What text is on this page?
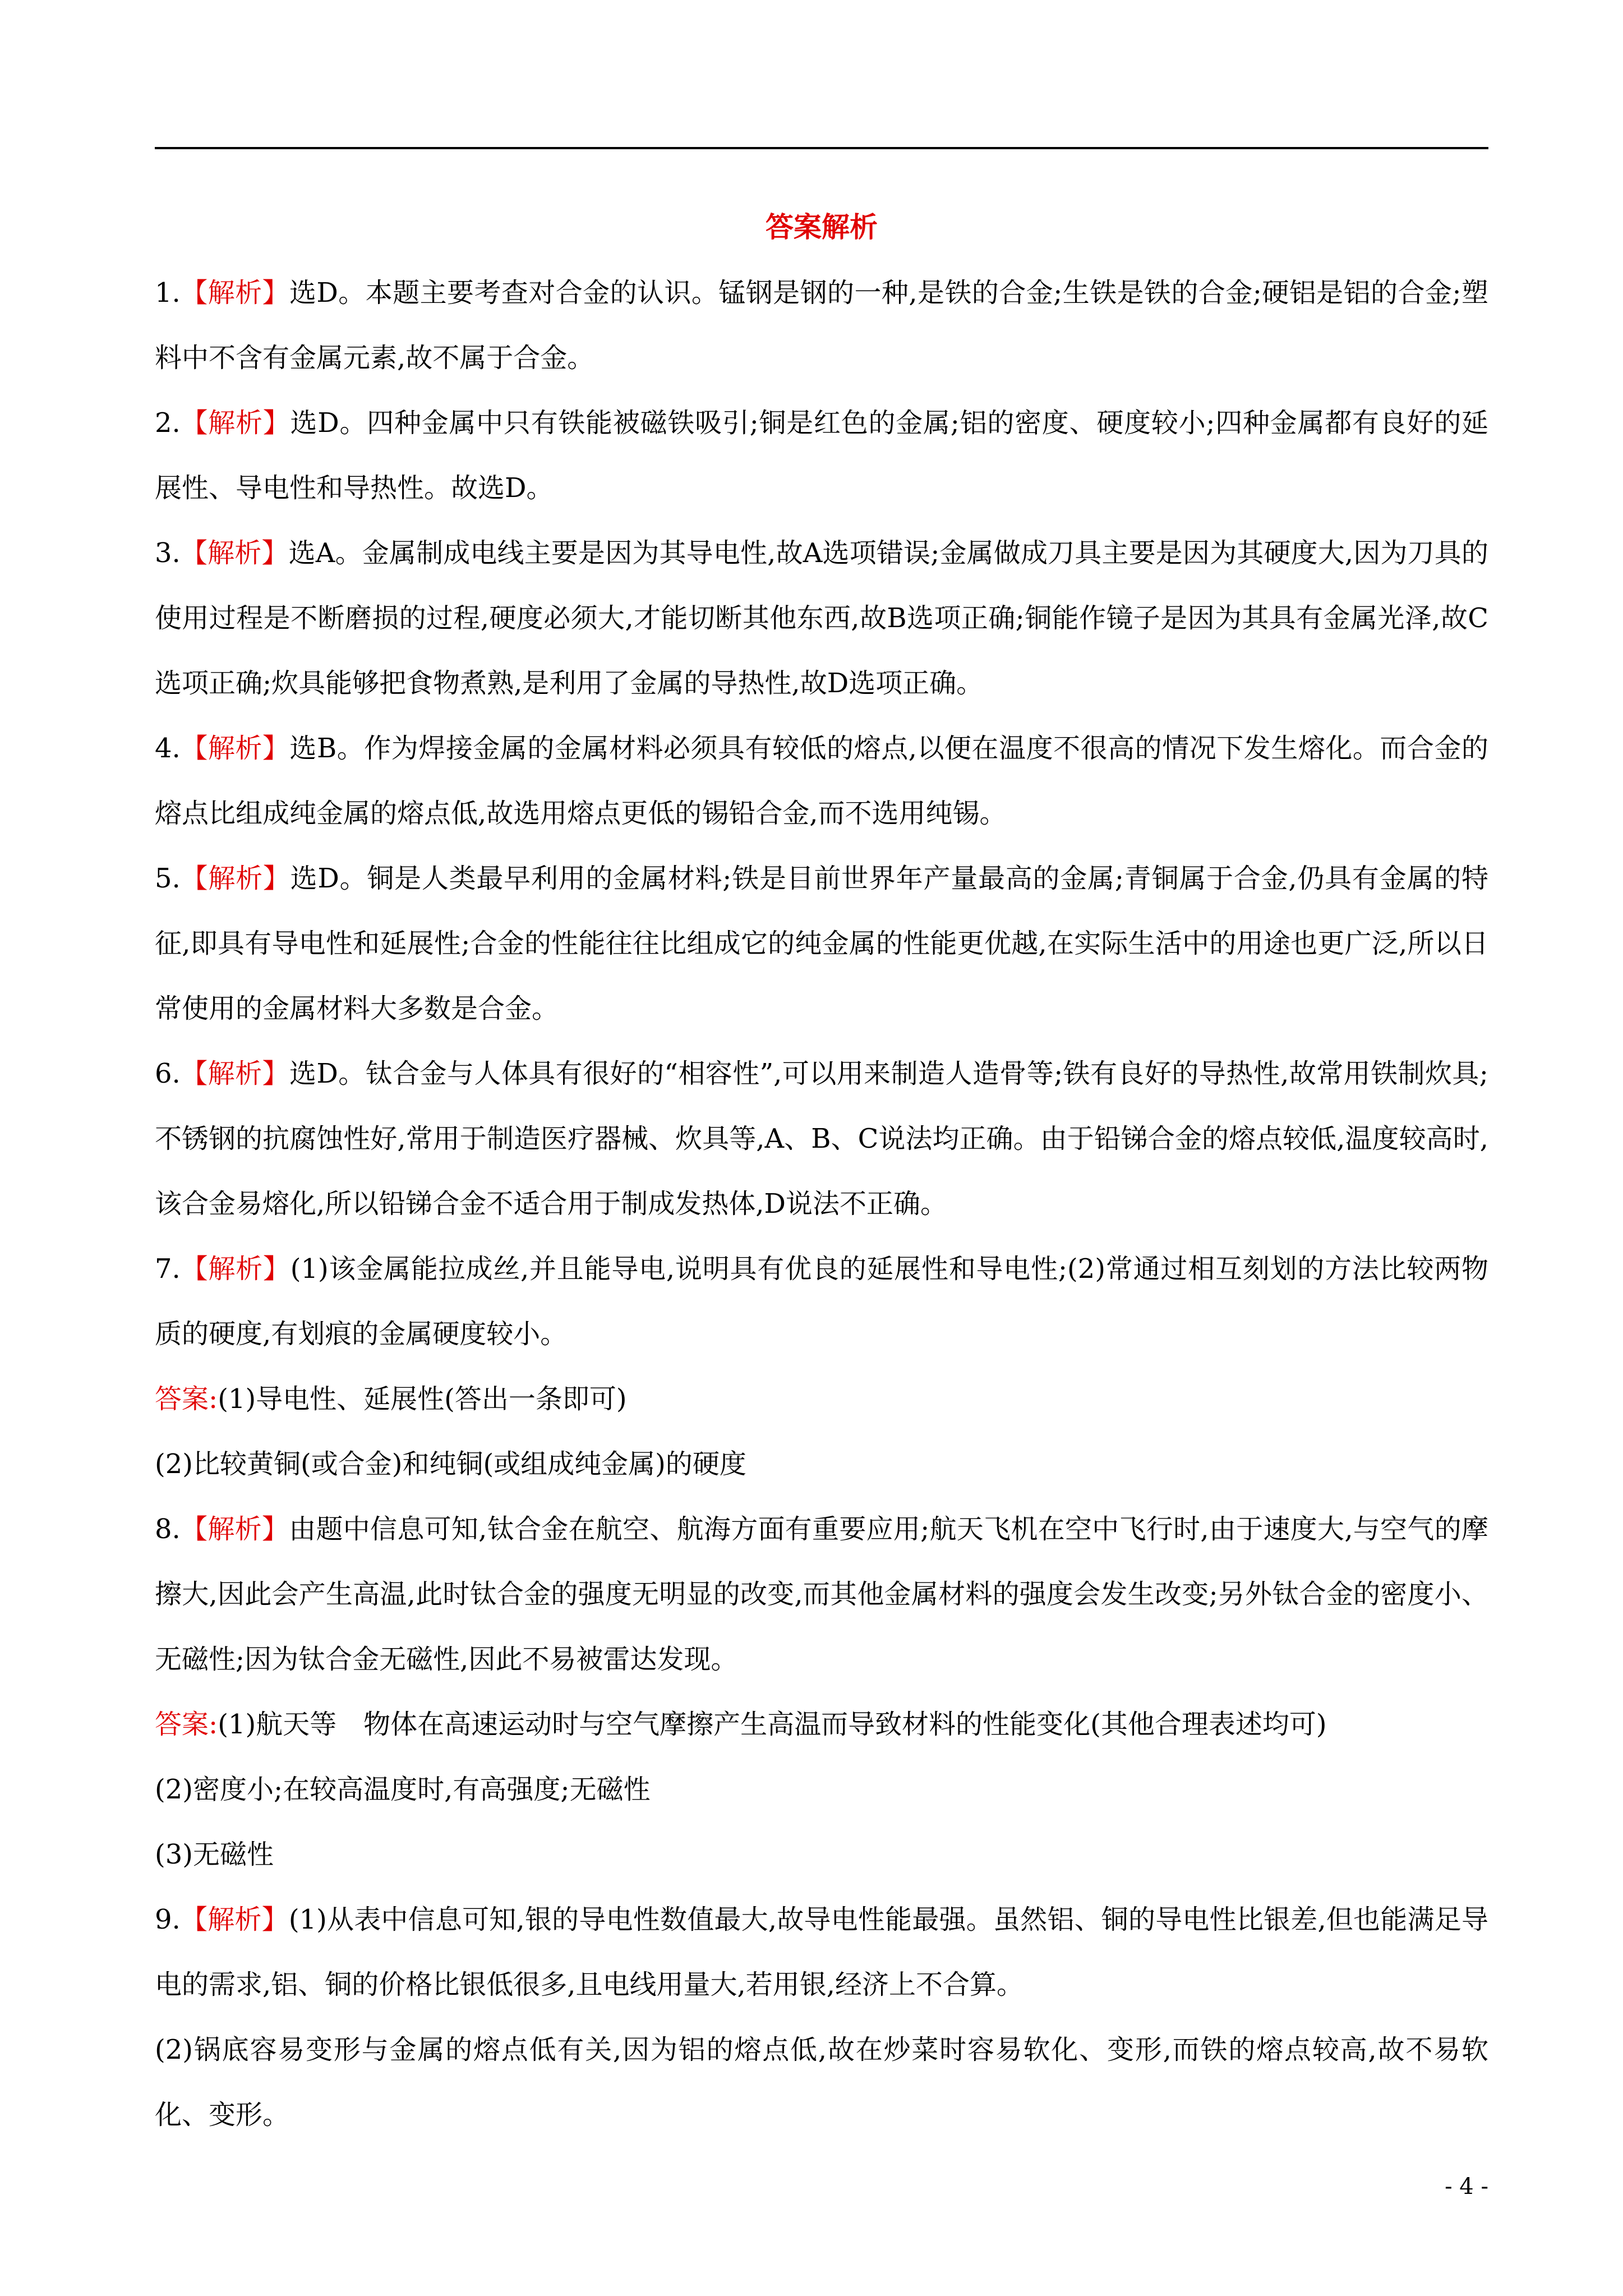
答案解析

1.【解析】选D。本题主要考查对合金的认识。锰钢是钢的一种,是铁的合金;生铁是铁的合金;硬铝是铝的合金;塑料中不含有金属元素,故不属于合金。

2.【解析】选D。四种金属中只有铁能被磁铁吸引;铜是红色的金属;铝的密度、硬度较小;四种金属都有良好的延展性、导电性和导热性。故选D。

3.【解析】选A。金属制成电线主要是因为其导电性,故A选项错误;金属做成刀具主要是因为其硬度大,因为刀具的使用过程是不断磨损的过程,硬度必须大,才能切断其他东西,故B选项正确;铜能作镜子是因为其具有金属光泽,故C选项正确;炊具能够把食物煮熟,是利用了金属的导热性,故D选项正确。

4.【解析】选B。作为焊接金属的金属材料必须具有较低的熔点,以便在温度不很高的情况下发生熔化。而合金的熔点比组成纯金属的熔点低,故选用熔点更低的锡铅合金,而不选用纯锡。

5.【解析】选D。铜是人类最早利用的金属材料;铁是目前世界年产量最高的金属;青铜属于合金,仍具有金属的特征,即具有导电性和延展性;合金的性能往往比组成它的纯金属的性能更优越,在实际生活中的用途也更广泛,所以日常使用的金属材料大多数是合金。

6.【解析】选D。钛合金与人体具有很好的“相容性”,可以用来制造人造骨等;铁有良好的导热性,故常用铁制炊具;不锈钢的抗腐蚀性好,常用于制造医疗器械、炊具等,A、B、C说法均正确。由于铅锑合金的熔点较低,温度较高时,该合金易熔化,所以铅锑合金不适合用于制成发热体,D说法不正确。

7.【解析】(1)该金属能拉成丝,并且能导电,说明具有优良的延展性和导电性;(2)常通过相互刻划的方法比较两物质的硬度,有划痕的金属硬度较小。

答案:(1)导电性、延展性(答出一条即可)

(2)比较黄铜(或合金)和纯铜(或组成纯金属)的硬度

8.【解析】由题中信息可知,钛合金在航空、航海方面有重要应用;航天飞机在空中飞行时,由于速度大,与空气的摩擦大,因此会产生高温,此时钛合金的强度无明显的改变,而其他金属材料的强度会发生改变;另外钛合金的密度小、无磁性;因为钛合金无磁性,因此不易被雷达发现。

答案:(1)航天等　物体在高速运动时与空气摩擦产生高温而导致材料的性能变化(其他合理表述均可)

(2)密度小;在较高温度时,有高强度;无磁性

(3)无磁性

9.【解析】(1)从表中信息可知,银的导电性数值最大,故导电性能最强。虽然铝、铜的导电性比银差,但也能满足导电的需求,铝、铜的价格比银低很多,且电线用量大,若用银,经济上不合算。

(2)锅底容易变形与金属的熔点低有关,因为铝的熔点低,故在炒菜时容易软化、变形,而铁的熔点较高,故不易软化、变形。

- 4 -
